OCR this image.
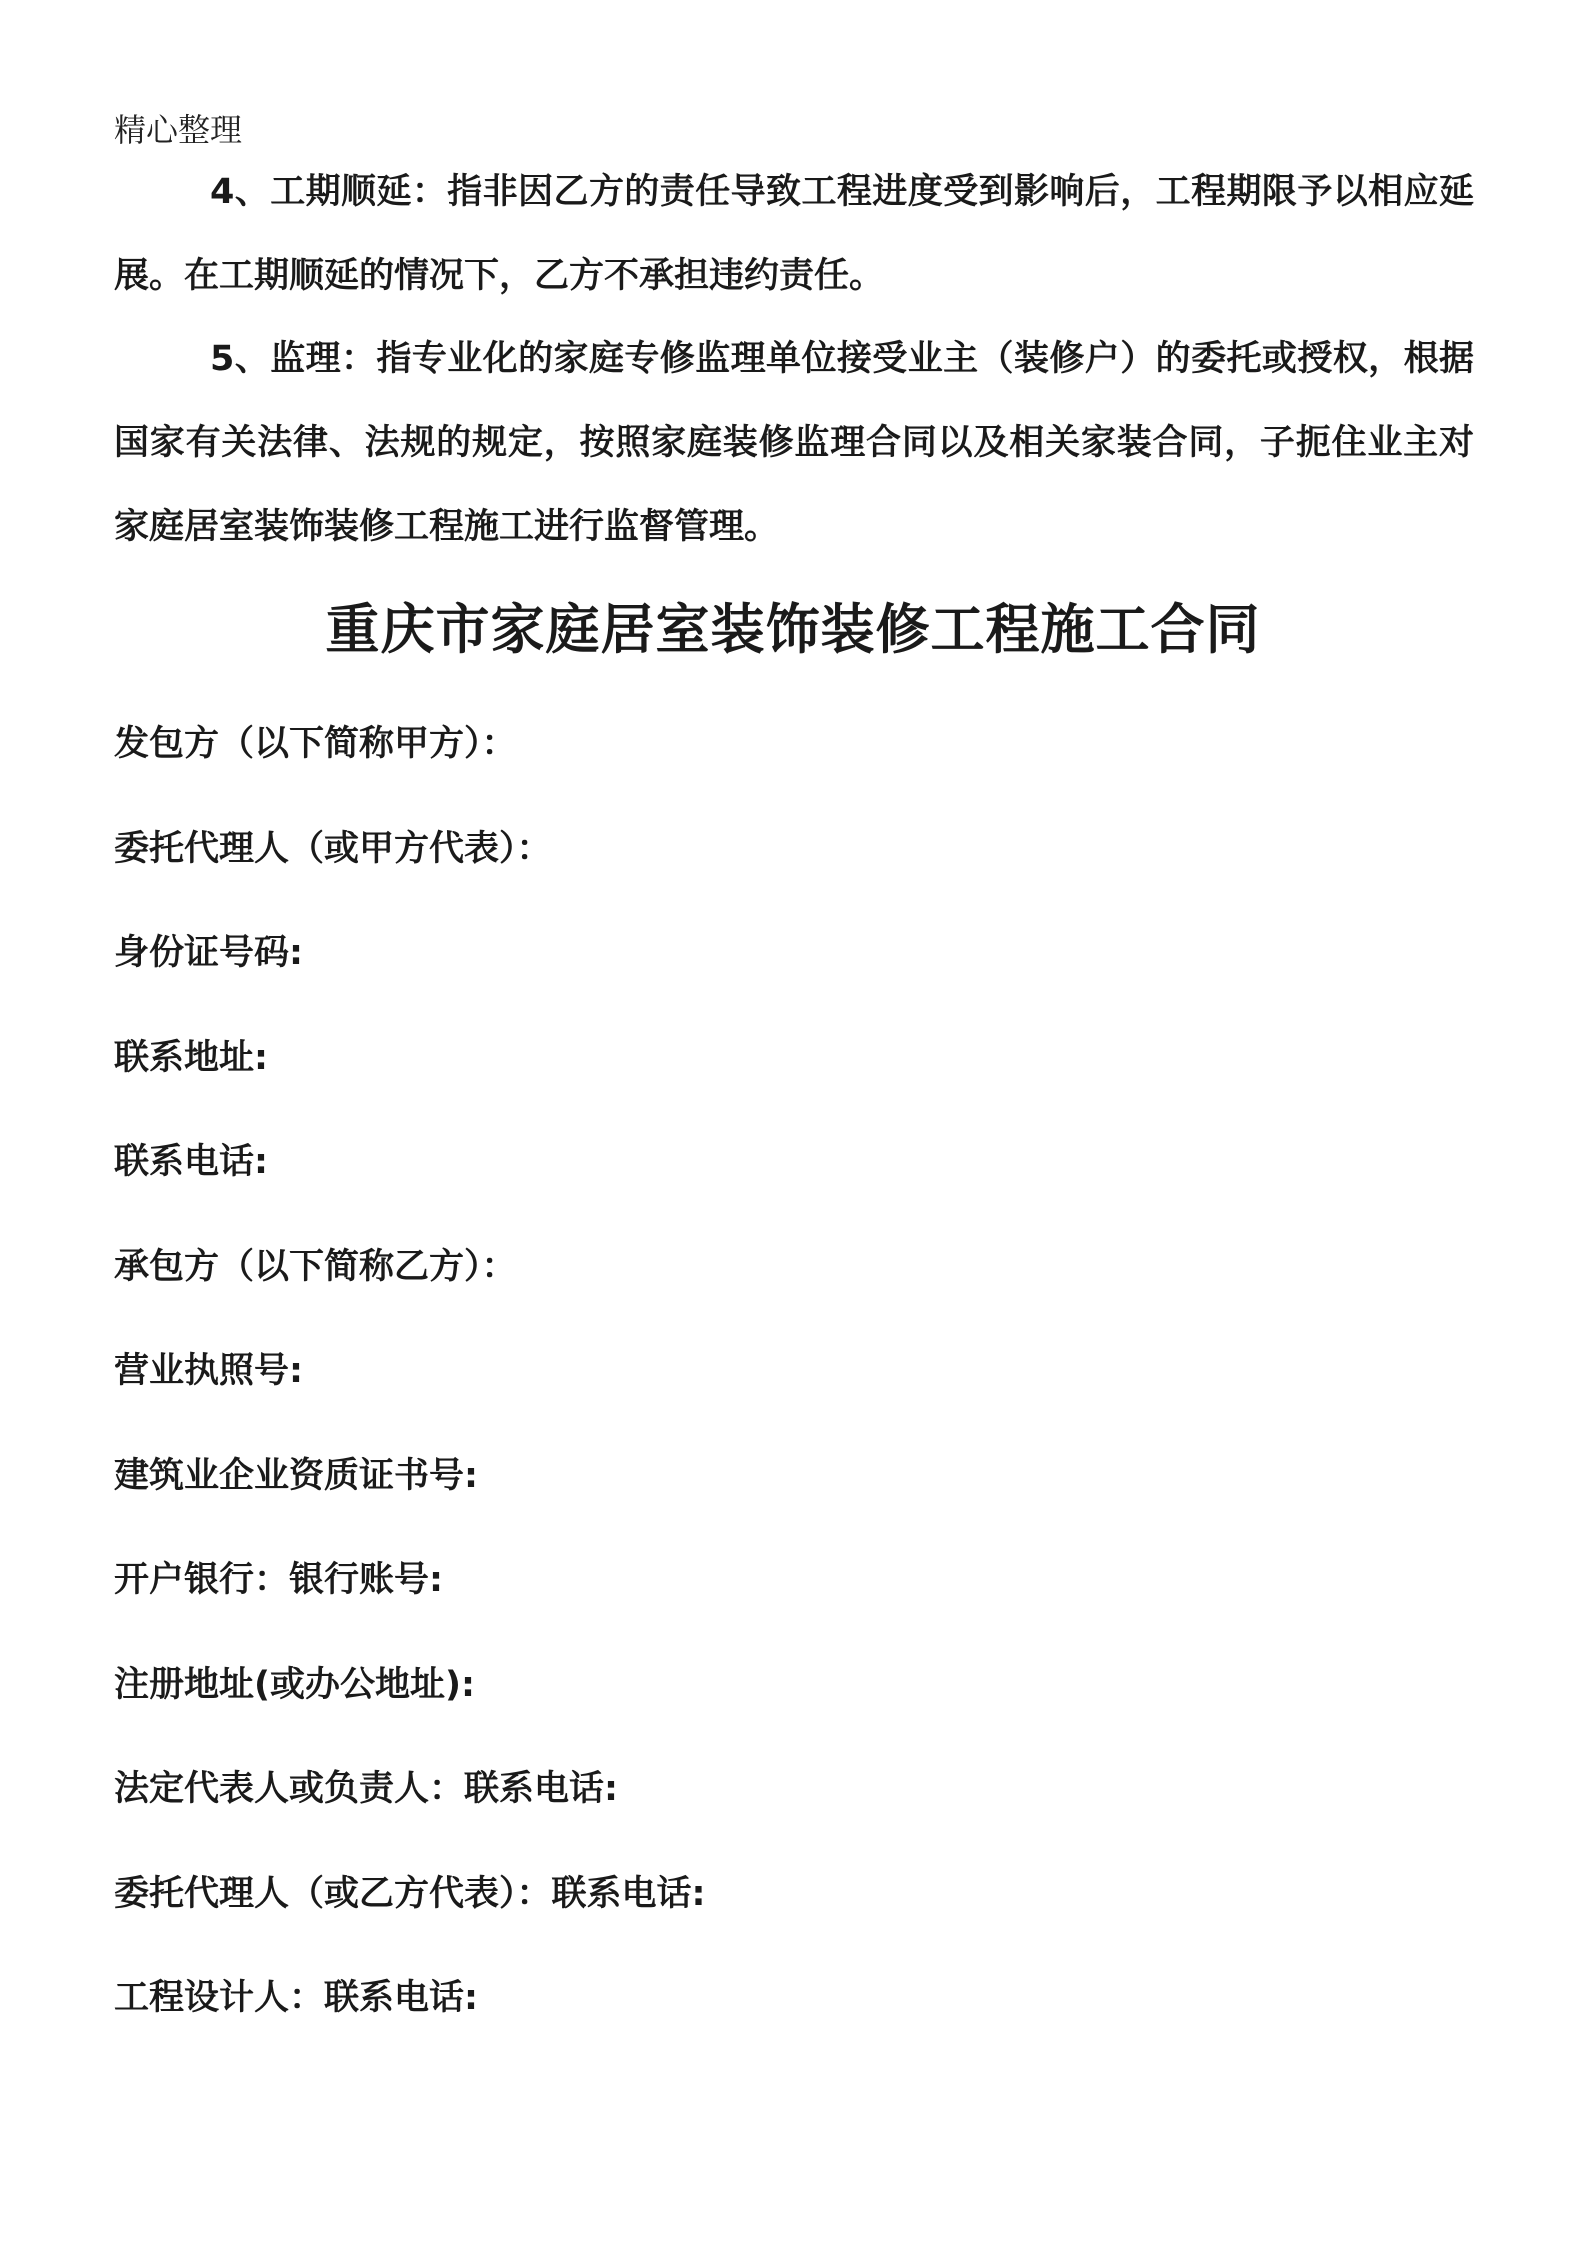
精心整理

4、工期顺延：指非因乙方的责任导致工程进度受到影响后，工程期限予以相应延展。在工期顺延的情况下，乙方不承担违约责任。

5、监理：指专业化的家庭专修监理单位接受业主（装修户）的委托或授权，根据国家有关法律、法规的规定，按照家庭装修监理合同以及相关家装合同，子扼住业主对家庭居室装饰装修工程施工进行监督管理。

重庆市家庭居室装饰装修工程施工合同
发包方（以下简称甲方）：
委托代理人（或甲方代表）：
身份证号码:
联系地址:
联系电话:
承包方（以下简称乙方）：
营业执照号:
建筑业企业资质证书号:
开户银行：银行账号:
注册地址(或办公地址):
法定代表人或负责人：联系电话:
委托代理人（或乙方代表）：联系电话:
工程设计人：联系电话:
